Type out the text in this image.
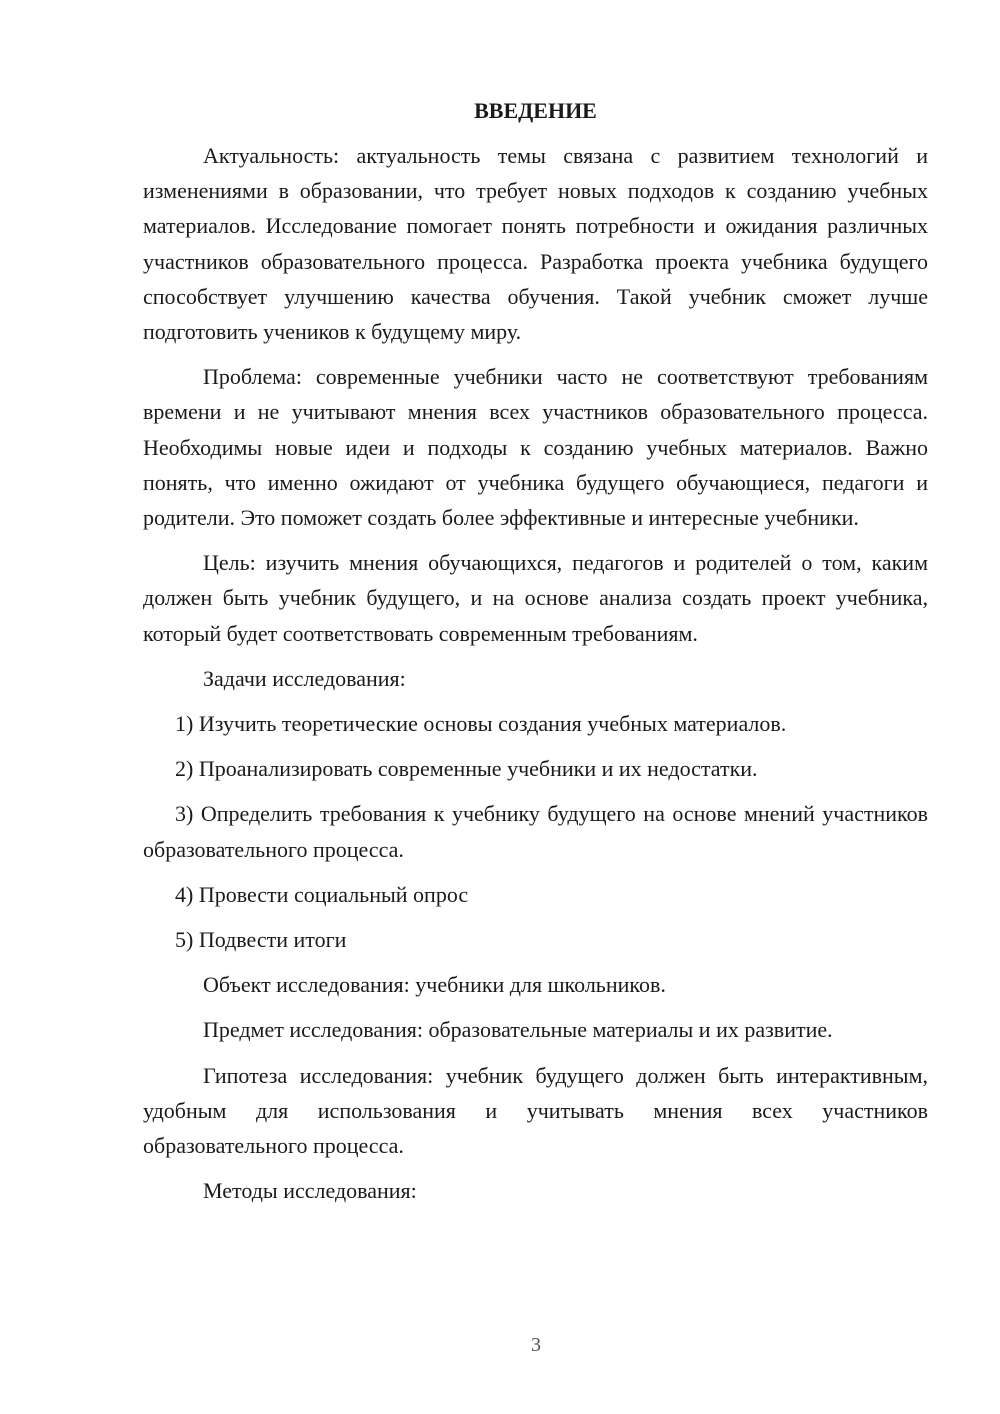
ВВЕДЕНИЕ

Актуальность: актуальность темы связана с развитием технологий и изменениями в образовании, что требует новых подходов к созданию учебных материалов. Исследование помогает понять потребности и ожидания различных участников образовательного процесса. Разработка проекта учебника будущего способствует улучшению качества обучения. Такой учебник сможет лучше подготовить учеников к будущему миру.

Проблема: современные учебники часто не соответствуют требованиям времени и не учитывают мнения всех участников образовательного процесса. Необходимы новые идеи и подходы к созданию учебных материалов. Важно понять, что именно ожидают от учебника будущего обучающиеся, педагоги и родители. Это поможет создать более эффективные и интересные учебники.

Цель: изучить мнения обучающихся, педагогов и родителей о том, каким должен быть учебник будущего, и на основе анализа создать проект учебника, который будет соответствовать современным требованиям.

Задачи исследования:

1) Изучить теоретические основы создания учебных материалов.

2) Проанализировать современные учебники и их недостатки.

3) Определить требования к учебнику будущего на основе мнений участников образовательного процесса.

4) Провести социальный опрос

5) Подвести итоги

Объект исследования: учебники для школьников.

Предмет исследования: образовательные материалы и их развитие.

Гипотеза исследования: учебник будущего должен быть интерактивным, удобным для использования и учитывать мнения всех участников образовательного процесса.

Методы исследования:

3
